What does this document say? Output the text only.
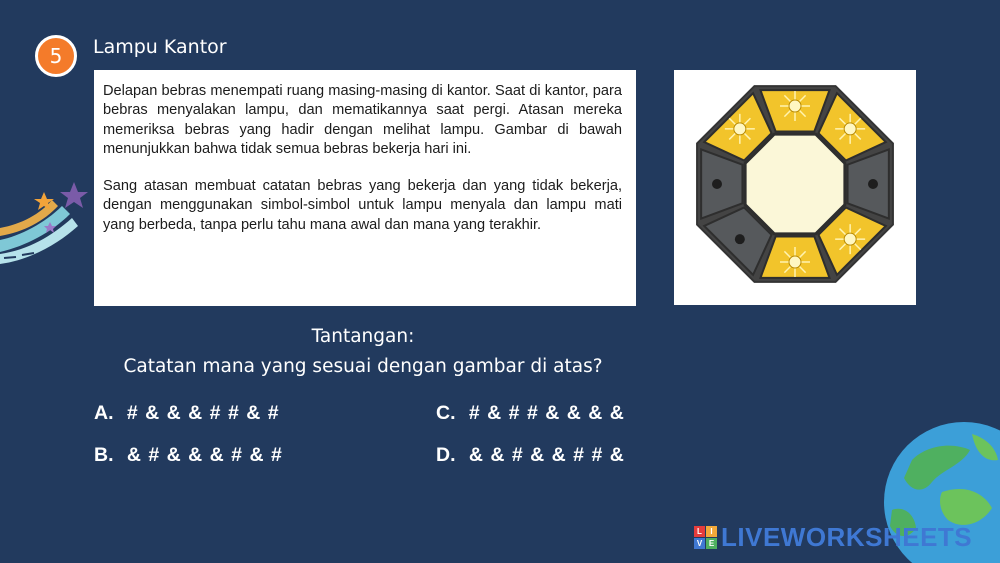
5	Lampu Kantor

Delapan bebras menempati ruang masing-masing di kantor. Saat di kantor, para bebras menyalakan lampu, dan mematikannya saat pergi. Atasan mereka memeriksa bebras yang hadir dengan melihat lampu. Gambar di bawah menunjukkan bahwa tidak semua bebras bekerja hari ini.

Sang atasan membuat catatan bebras yang bekerja dan yang tidak bekerja, dengan menggunakan simbol-simbol untuk lampu menyala dan lampu mati yang berbeda, tanpa perlu tahu mana awal dan mana yang terakhir.

Tantangan:
Catatan mana yang sesuai dengan gambar di atas?
A. # & & & # # & #
B. & # & & & # & #
C. # & # # & & & &
D. & & # & & # # &
L	I
V E LIVEWORKSHEETS
